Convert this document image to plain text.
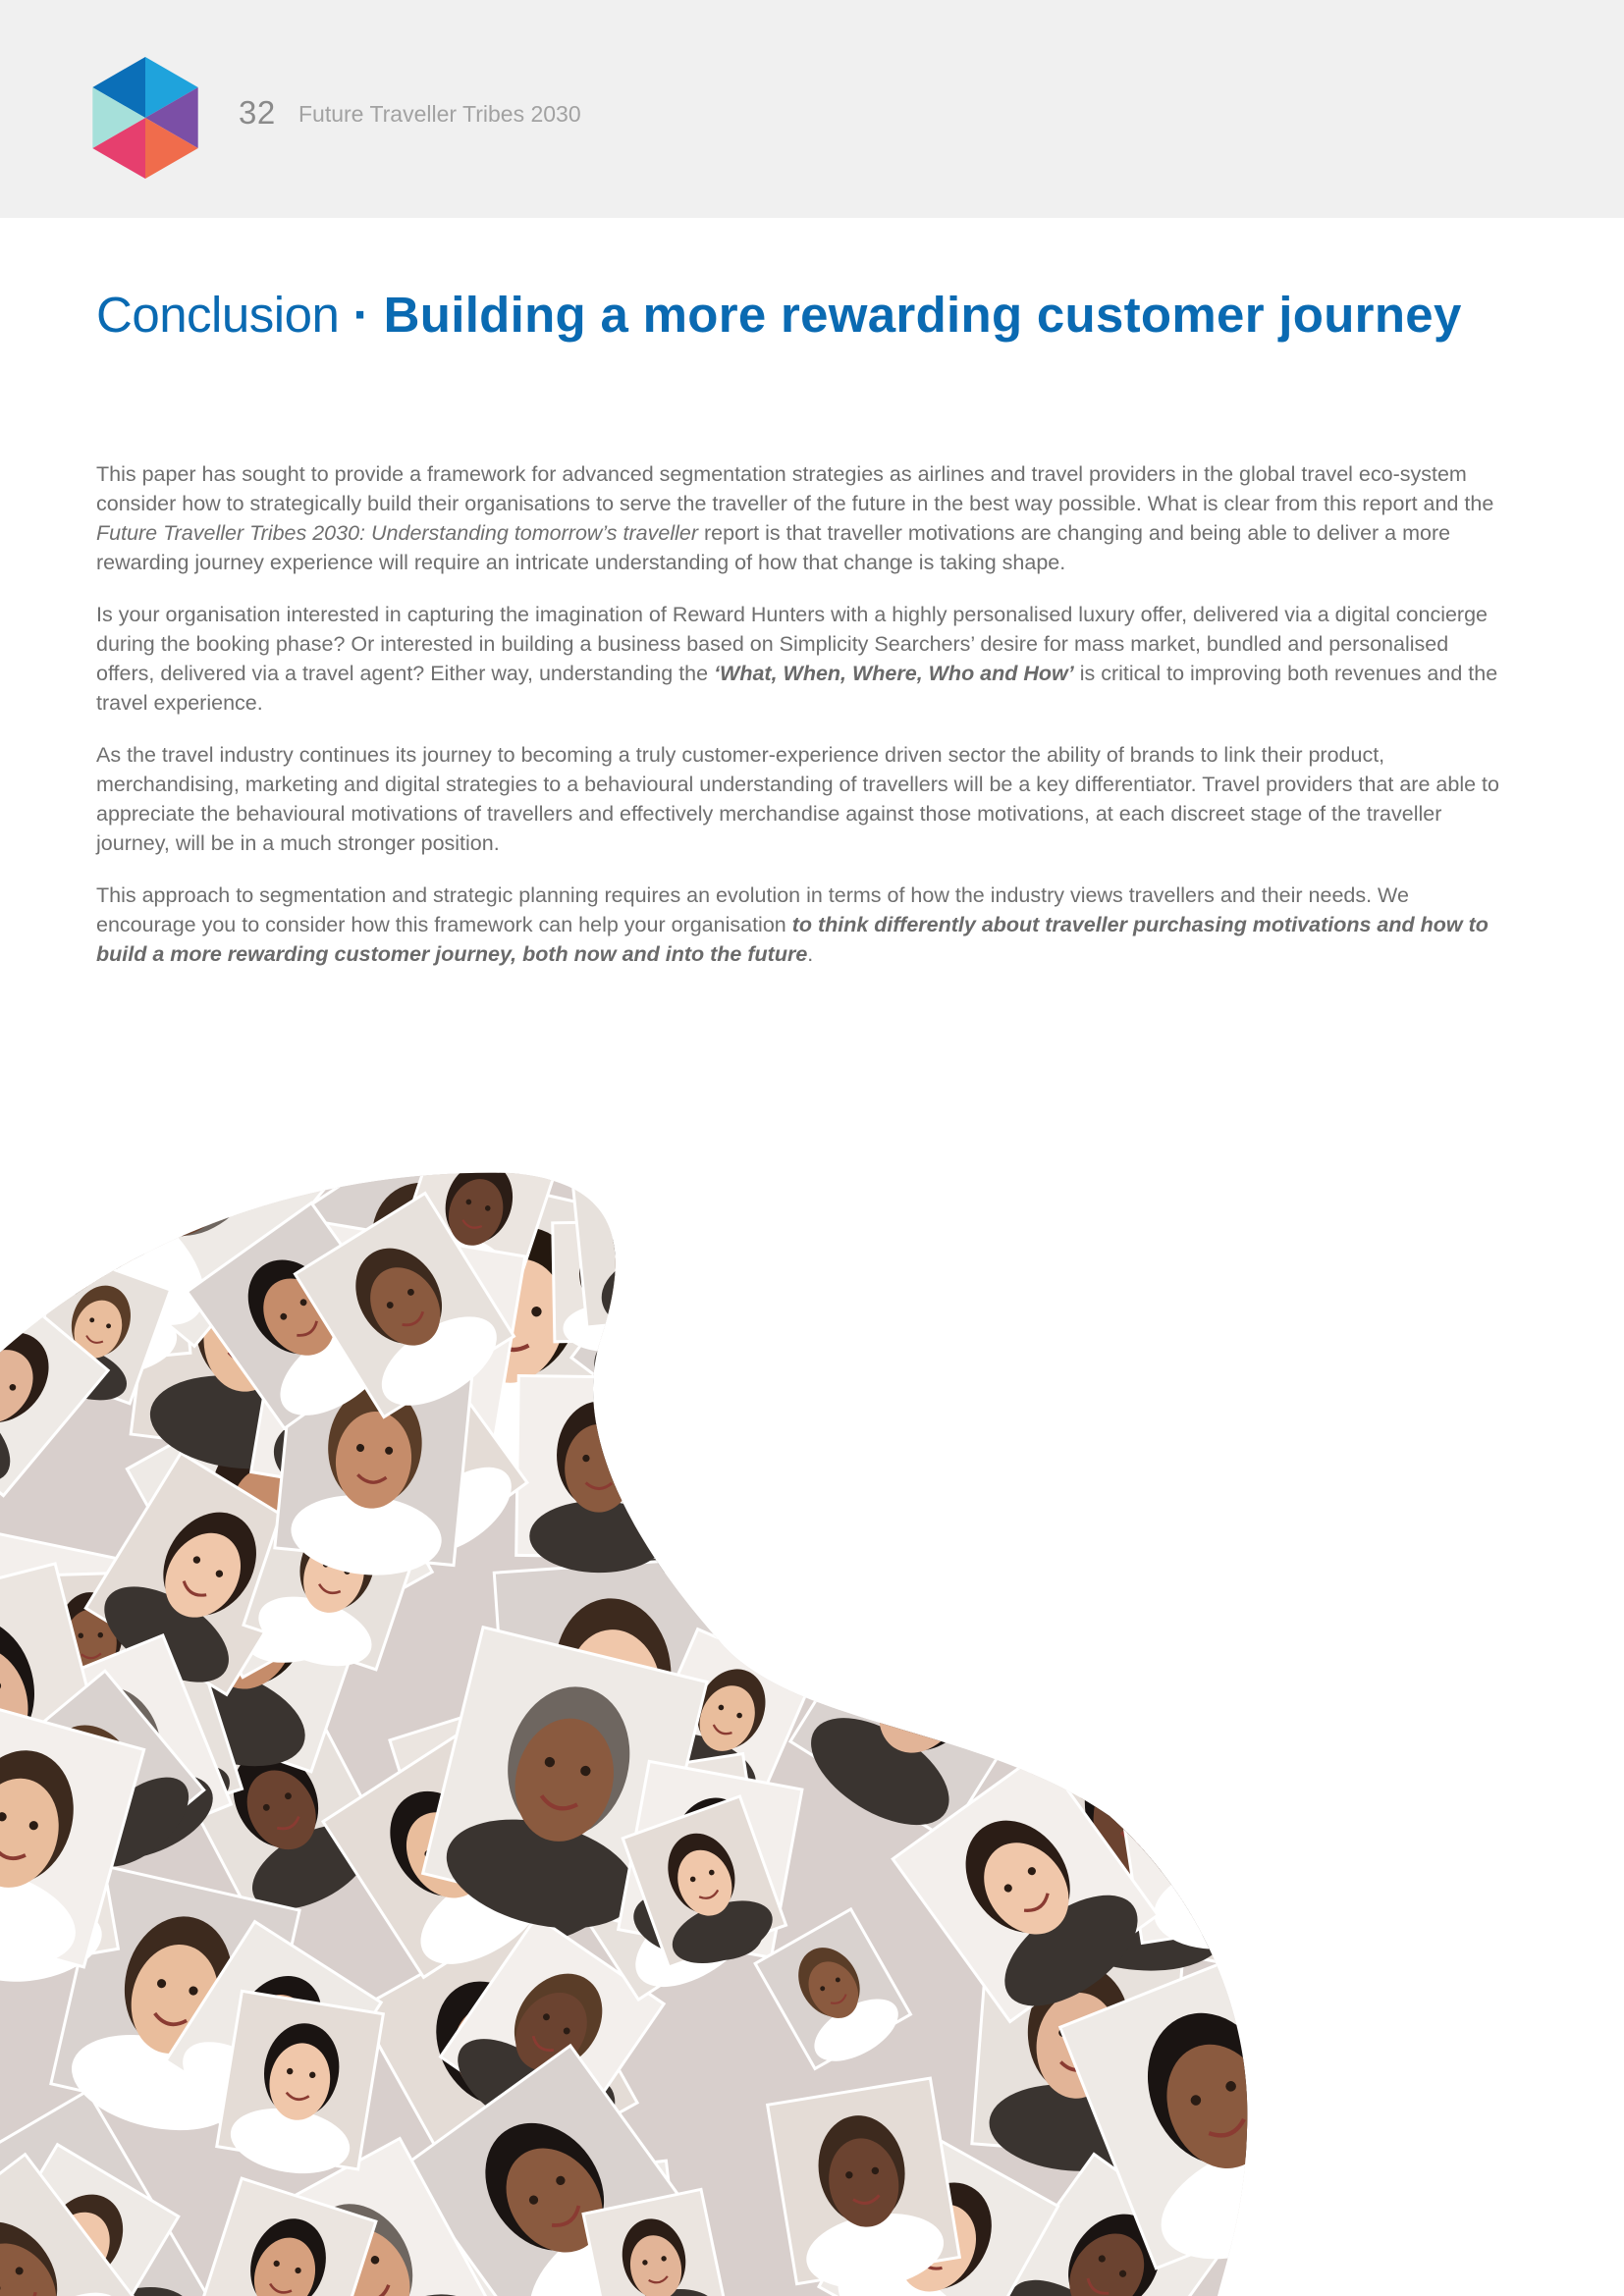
32 Future Traveller Tribes 2030
Conclusion · Building a more rewarding customer journey

This paper has sought to provide a framework for advanced segmentation strategies as airlines and travel providers in the global travel eco-system consider how to strategically build their organisations to serve the traveller of the future in the best way possible. What is clear from this report and the Future Traveller Tribes 2030: Understanding tomorrow’s traveller report is that traveller motivations are changing and being able to deliver a more rewarding journey experience will require an intricate understanding of how that change is taking shape.

Is your organisation interested in capturing the imagination of Reward Hunters with a highly personalised luxury offer, delivered via a digital concierge during the booking phase? Or interested in building a business based on Simplicity Searchers’ desire for mass market, bundled and personalised offers, delivered via a travel agent? Either way, understanding the ‘What, When, Where, Who and How’ is critical to improving both revenues and the travel experience.

As the travel industry continues its journey to becoming a truly customer-experience driven sector the ability of brands to link their product, merchandising, marketing and digital strategies to a behavioural understanding of travellers will be a key differentiator. Travel providers that are able to appreciate the behavioural motivations of travellers and effectively merchandise against those motivations, at each discreet stage of the traveller journey, will be in a much stronger position.

This approach to segmentation and strategic planning requires an evolution in terms of how the industry views travellers and their needs. We encourage you to consider how this framework can help your organisation to think differently about traveller purchasing motivations and how to build a more rewarding customer journey, both now and into the future.
